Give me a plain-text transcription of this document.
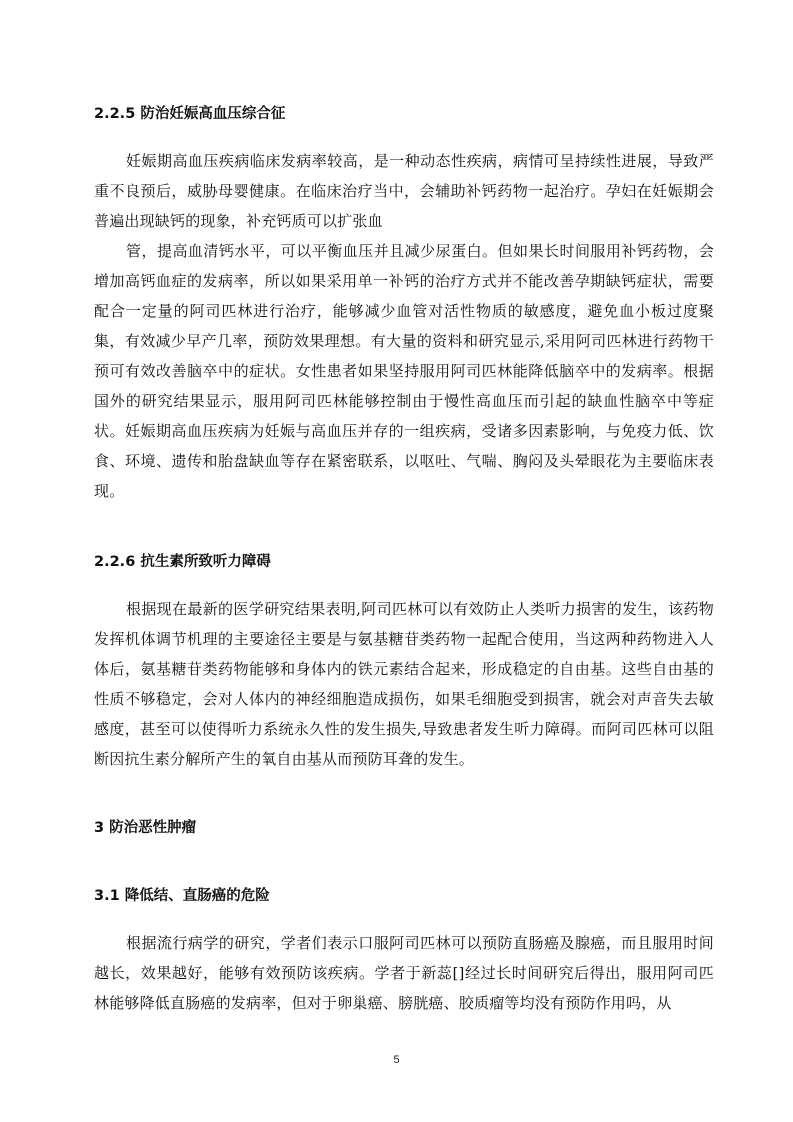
2.2.5 防治妊娠高血压综合征

妊娠期高血压疾病临床发病率较高，是一种动态性疾病，病情可呈持续性进展，导致严重不良预后，威胁母婴健康。在临床治疗当中，会辅助补钙药物一起治疗。孕妇在妊娠期会普遍出现缺钙的现象，补充钙质可以扩张血

管，提高血清钙水平，可以平衡血压并且减少尿蛋白。但如果长时间服用补钙药物，会增加高钙血症的发病率，所以如果采用单一补钙的治疗方式并不能改善孕期缺钙症状，需要配合一定量的阿司匹林进行治疗，能够减少血管对活性物质的敏感度，避免血小板过度聚集，有效减少早产几率，预防效果理想。有大量的资料和研究显示,采用阿司匹林进行药物干预可有效改善脑卒中的症状。女性患者如果坚持服用阿司匹林能降低脑卒中的发病率。根据国外的研究结果显示，服用阿司匹林能够控制由于慢性高血压而引起的缺血性脑卒中等症状。妊娠期高血压疾病为妊娠与高血压并存的一组疾病，受诸多因素影响，与免疫力低、饮食、环境、遗传和胎盘缺血等存在紧密联系，以呕吐、气喘、胸闷及头晕眼花为主要临床表现。

2.2.6 抗生素所致听力障碍

根据现在最新的医学研究结果表明,阿司匹林可以有效防止人类听力损害的发生，该药物发挥机体调节机理的主要途径主要是与氨基糖苷类药物一起配合使用，当这两种药物进入人体后，氨基糖苷类药物能够和身体内的铁元素结合起来，形成稳定的自由基。这些自由基的性质不够稳定，会对人体内的神经细胞造成损伤，如果毛细胞受到损害，就会对声音失去敏感度，甚至可以使得听力系统永久性的发生损失,导致患者发生听力障碍。而阿司匹林可以阻断因抗生素分解所产生的氧自由基从而预防耳聋的发生。

3 防治恶性肿瘤
3.1 降低结、直肠癌的危险

根据流行病学的研究，学者们表示口服阿司匹林可以预防直肠癌及腺癌，而且服用时间越长，效果越好，能够有效预防该疾病。学者于新蕊[]经过长时间研究后得出，服用阿司匹林能够降低直肠癌的发病率，但对于卵巢癌、膀胱癌、胶质瘤等均没有预防作用吗，从

5
